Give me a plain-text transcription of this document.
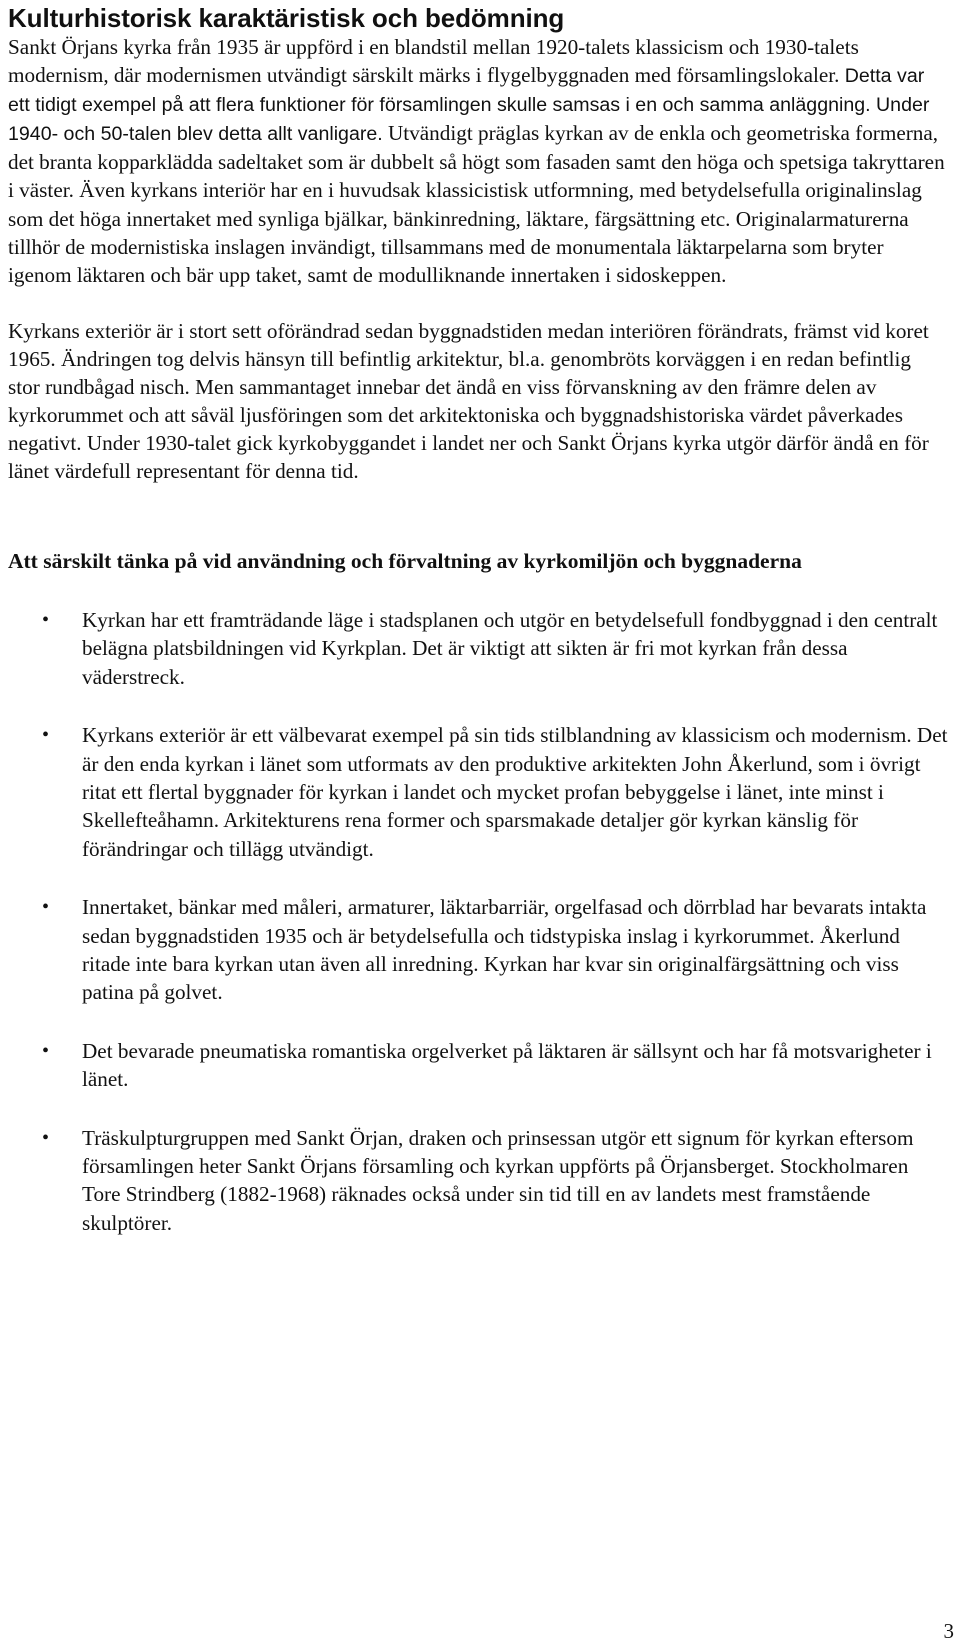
Kulturhistorisk karaktäristisk och bedömning

Sankt Örjans kyrka från 1935 är uppförd i en blandstil mellan 1920-talets klassicism och 1930-talets modernism, där modernismen utvändigt särskilt märks i flygelbyggnaden med församlingslokaler. Detta var ett tidigt exempel på att flera funktioner för församlingen skulle samsas i en och samma anläggning. Under 1940- och 50-talen blev detta allt vanligare. Utvändigt präglas kyrkan av de enkla och geometriska formerna, det branta kopparklädda sadeltaket som är dubbelt så högt som fasaden samt den höga och spetsiga takryttaren i väster. Även kyrkans interiör har en i huvudsak klassicistisk utformning, med betydelsefulla originalinslag som det höga innertaket med synliga bjälkar, bänkinredning, läktare, färgsättning etc. Originalarmaturerna tillhör de modernistiska inslagen invändigt, tillsammans med de monumentala läktarpelarna som bryter igenom läktaren och bär upp taket, samt de modulliknande innertaken i sidoskeppen.

Kyrkans exteriör är i stort sett oförändrad sedan byggnadstiden medan interiören förändrats, främst vid koret 1965. Ändringen tog delvis hänsyn till befintlig arkitektur, bl.a. genombröts korväggen i en redan befintlig stor rundbågad nisch. Men sammantaget innebar det ändå en viss förvanskning av den främre delen av kyrkorummet och att såväl ljusföringen som det arkitektoniska och byggnadshistoriska värdet påverkades negativt. Under 1930-talet gick kyrkobyggandet i landet ner och Sankt Örjans kyrka utgör därför ändå en för länet värdefull representant för denna tid.

Att särskilt tänka på vid användning och förvaltning av kyrkomiljön och byggnaderna
• Kyrkan har ett framträdande läge i stadsplanen och utgör en betydelsefull fondbyggnad i den centralt belägna platsbildningen vid Kyrkplan. Det är viktigt att sikten är fri mot kyrkan från dessa väderstreck.
• Kyrkans exteriör är ett välbevarat exempel på sin tids stilblandning av klassicism och modernism. Det är den enda kyrkan i länet som utformats av den produktive arkitekten John Åkerlund, som i övrigt ritat ett flertal byggnader för kyrkan i landet och mycket profan bebyggelse i länet, inte minst i Skellefteåhamn. Arkitekturens rena former och sparsmakade detaljer gör kyrkan känslig för förändringar och tillägg utvändigt.
• Innertaket, bänkar med måleri, armaturer, läktarbarriär, orgelfasad och dörrblad har bevarats intakta sedan byggnadstiden 1935 och är betydelsefulla och tidstypiska inslag i kyrkorummet. Åkerlund ritade inte bara kyrkan utan även all inredning. Kyrkan har kvar sin originalfärgsättning och viss patina på golvet.
• Det bevarade pneumatiska romantiska orgelverket på läktaren är sällsynt och har få motsvarigheter i länet.
• Träskulpturgruppen med Sankt Örjan, draken och prinsessan utgör ett signum för kyrkan eftersom församlingen heter Sankt Örjans församling och kyrkan uppförts på Örjansberget. Stockholmaren Tore Strindberg (1882-1968) räknades också under sin tid till en av landets mest framstående skulptörer.
3
